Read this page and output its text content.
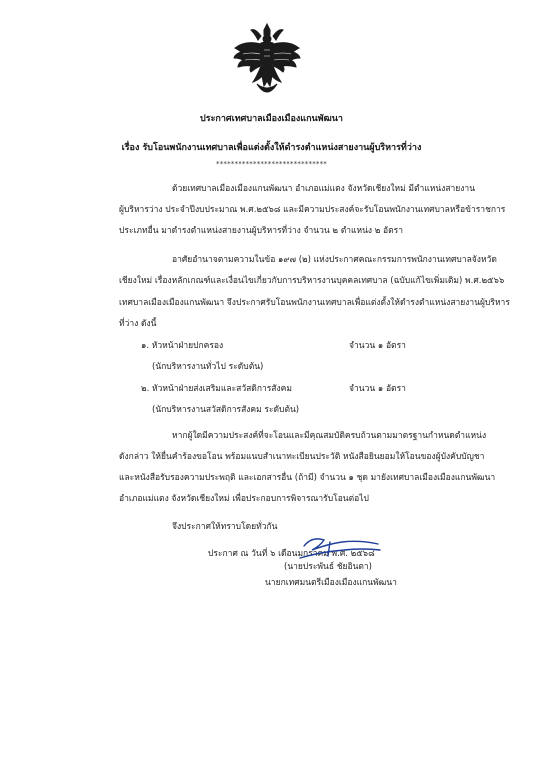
ประกาศเทศบาลเมืองเมืองแกนพัฒนา
เรื่อง รับโอนพนักงานเทศบาลเพื่อแต่งตั้งให้ดำรงตำแหน่งสายงานผู้บริหารที่ว่าง
******************************
ด้วยเทศบาลเมืองเมืองแกนพัฒนา อำเภอแม่แตง จังหวัดเชียงใหม่ มีตำแหน่งสายงาน
ผู้บริหารว่าง ประจำปีงบประมาณ พ.ศ.๒๕๖๘ และมีความประสงค์จะรับโอนพนักงานเทศบาลหรือข้าราชการ
ประเภทอื่น มาดำรงตำแหน่งสายงานผู้บริหารที่ว่าง จำนวน ๒ ตำแหน่ง ๒ อัตรา
อาศัยอำนาจตามความในข้อ ๑๙๗ (๒) แห่งประกาศคณะกรรมการพนักงานเทศบาลจังหวัด
เชียงใหม่ เรื่องหลักเกณฑ์และเงื่อนไขเกี่ยวกับการบริหารงานบุคคลเทศบาล (ฉบับแก้ไขเพิ่มเติม) พ.ศ.๒๕๖๖
เทศบาลเมืองเมืองแกนพัฒนา จึงประกาศรับโอนพนักงานเทศบาลเพื่อแต่งตั้งให้ดำรงตำแหน่งสายงานผู้บริหาร
ที่ว่าง ดังนี้
๑. หัวหน้าฝ่ายปกครอง	จำนวน ๑ อัตรา
(นักบริหารงานทั่วไป ระดับต้น)
๒. หัวหน้าฝ่ายส่งเสริมและสวัสดิการสังคม	จำนวน ๑ อัตรา
(นักบริหารงานสวัสดิการสังคม ระดับต้น)
หากผู้ใดมีความประสงค์ที่จะโอนและมีคุณสมบัติครบถ้วนตามมาตรฐานกำหนดตำแหน่ง
ดังกล่าว ให้ยื่นคำร้องขอโอน พร้อมแนบสำเนาทะเบียนประวัติ หนังสือยินยอมให้โอนของผู้บังคับบัญชา
และหนังสือรับรองความประพฤติ และเอกสารอื่น (ถ้ามี) จำนวน ๑ ชุด มายังเทศบาลเมืองเมืองแกนพัฒนา
อำเภอแม่แตง จังหวัดเชียงใหม่ เพื่อประกอบการพิจารณารับโอนต่อไป
จึงประกาศให้ทราบโดยทั่วกัน
ประกาศ ณ วันที่ ๖ เดือนมกราคม พ.ศ. ๒๕๖๘
(นายประพันธ์ ชัยอินตา)
นายกเทศมนตรีเมืองเมืองแกนพัฒนา
